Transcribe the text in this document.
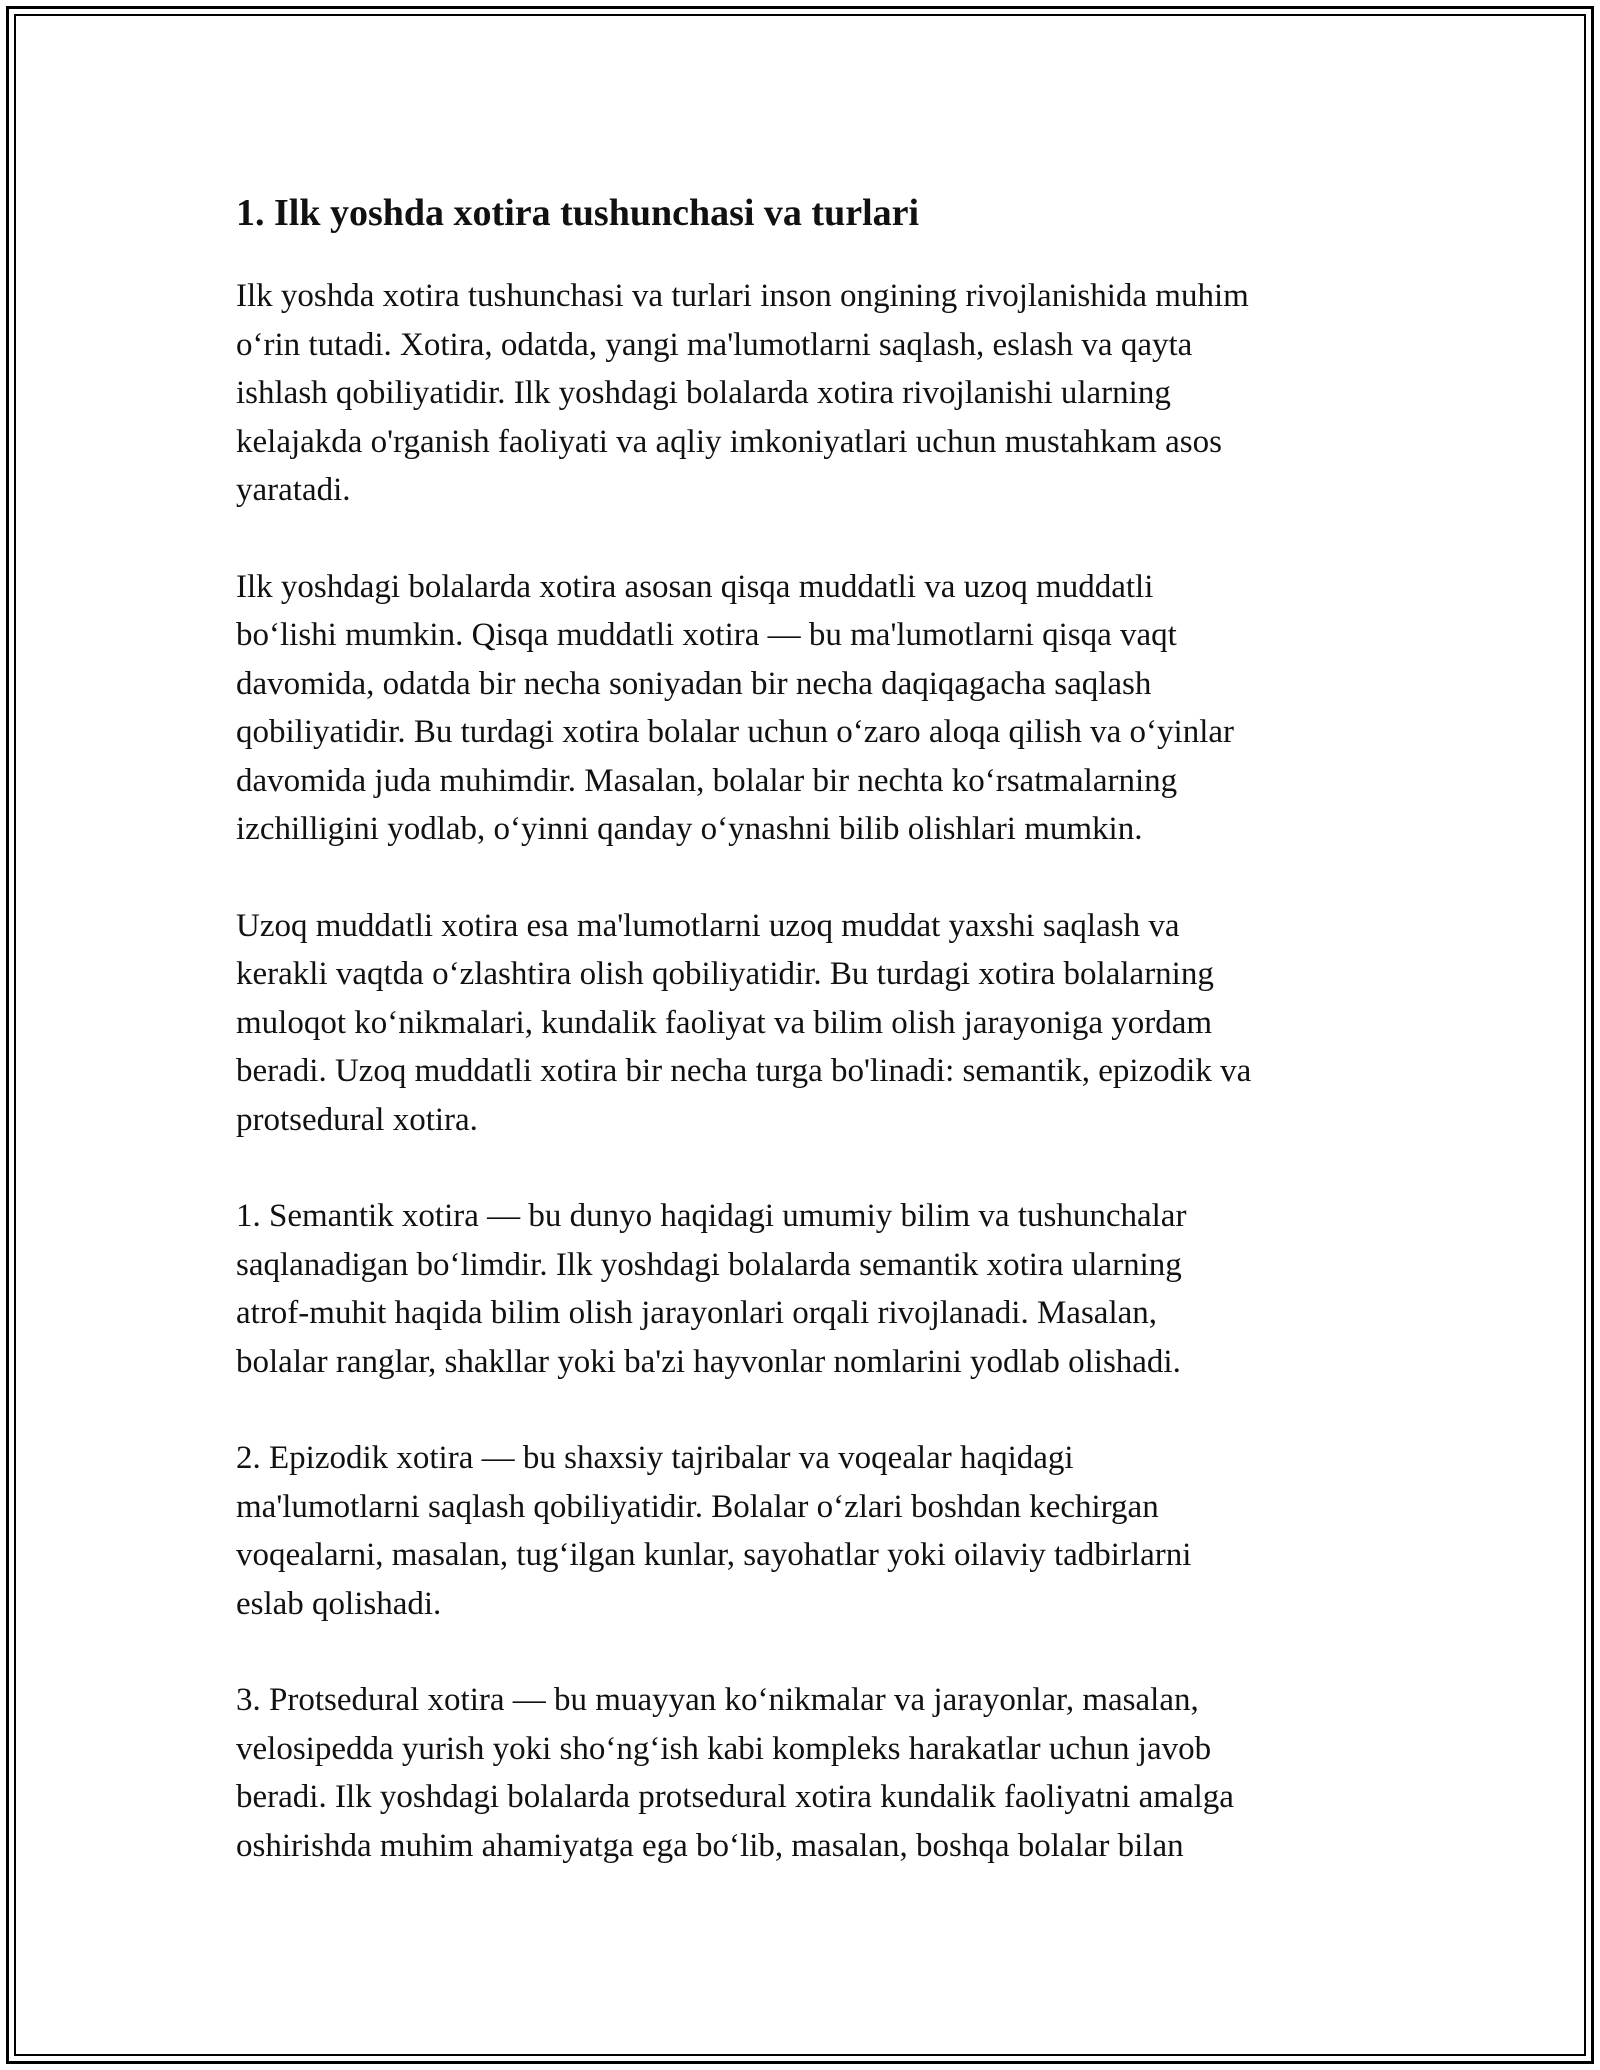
1. Ilk yoshda xotira tushunchasi va turlari

Ilk yoshda xotira tushunchasi va turlari inson ongining rivojlanishida muhim
o‘rin tutadi. Xotira, odatda, yangi ma'lumotlarni saqlash, eslash va qayta
ishlash qobiliyatidir. Ilk yoshdagi bolalarda xotira rivojlanishi ularning
kelajakda o'rganish faoliyati va aqliy imkoniyatlari uchun mustahkam asos
yaratadi.

Ilk yoshdagi bolalarda xotira asosan qisqa muddatli va uzoq muddatli
bo‘lishi mumkin. Qisqa muddatli xotira — bu ma'lumotlarni qisqa vaqt
davomida, odatda bir necha soniyadan bir necha daqiqagacha saqlash
qobiliyatidir. Bu turdagi xotira bolalar uchun o‘zaro aloqa qilish va o‘yinlar
davomida juda muhimdir. Masalan, bolalar bir nechta ko‘rsatmalarning
izchilligini yodlab, o‘yinni qanday o‘ynashni bilib olishlari mumkin.

Uzoq muddatli xotira esa ma'lumotlarni uzoq muddat yaxshi saqlash va
kerakli vaqtda o‘zlashtira olish qobiliyatidir. Bu turdagi xotira bolalarning
muloqot ko‘nikmalari, kundalik faoliyat va bilim olish jarayoniga yordam
beradi. Uzoq muddatli xotira bir necha turga bo'linadi: semantik, epizodik va
protsedural xotira.

1. Semantik xotira — bu dunyo haqidagi umumiy bilim va tushunchalar
saqlanadigan bo‘limdir. Ilk yoshdagi bolalarda semantik xotira ularning
atrof-muhit haqida bilim olish jarayonlari orqali rivojlanadi. Masalan,
bolalar ranglar, shakllar yoki ba'zi hayvonlar nomlarini yodlab olishadi.

2. Epizodik xotira — bu shaxsiy tajribalar va voqealar haqidagi
ma'lumotlarni saqlash qobiliyatidir. Bolalar o‘zlari boshdan kechirgan
voqealarni, masalan, tug‘ilgan kunlar, sayohatlar yoki oilaviy tadbirlarni
eslab qolishadi.

3. Protsedural xotira — bu muayyan ko‘nikmalar va jarayonlar, masalan,
velosipedda yurish yoki sho‘ng‘ish kabi kompleks harakatlar uchun javob
beradi. Ilk yoshdagi bolalarda protsedural xotira kundalik faoliyatni amalga
oshirishda muhim ahamiyatga ega bo‘lib, masalan, boshqa bolalar bilan
